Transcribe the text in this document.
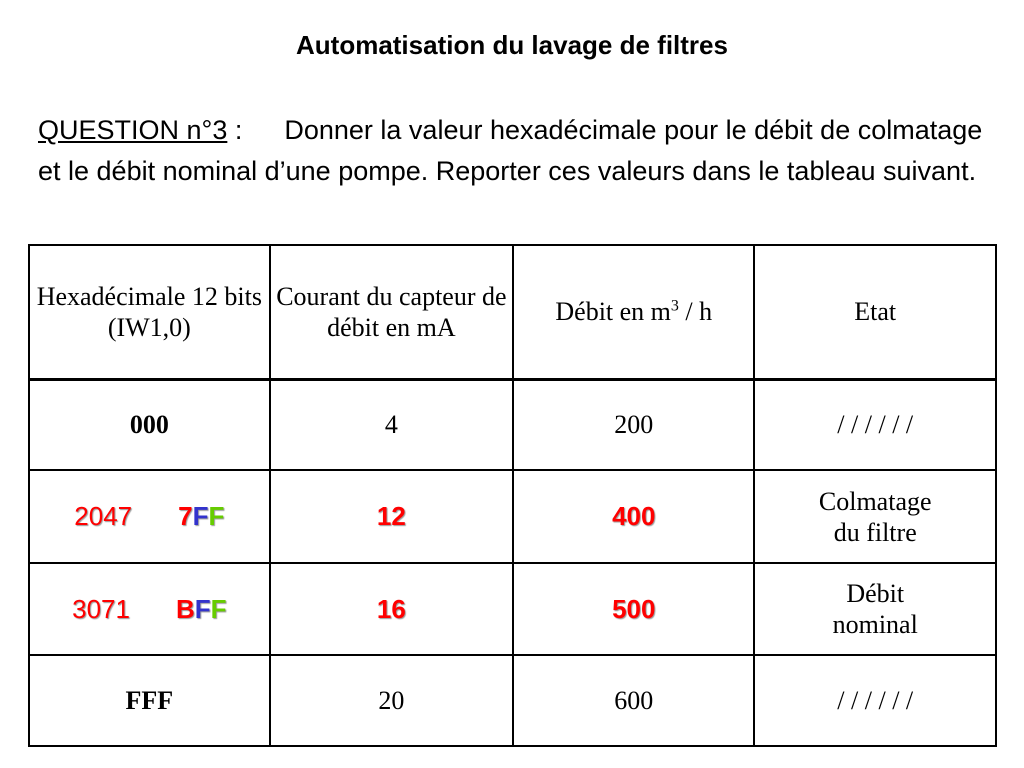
Automatisation du lavage de filtres
QUESTION n°3 : Donner la valeur hexadécimale pour le débit de colmatage et le débit nominal d’une pompe. Reporter ces valeurs dans le tableau suivant.
Hexadécimale 12 bits (IW1,0)	Courant du capteur de débit en mA	Débit en $m^3$ / h	Etat
000	4	200	/ / / / / /
2047 7FF	12	400	Colmatage
du filtre
3071 BFF	16	500	Débit
nominal
FFF	20	600	/ / / / / /
